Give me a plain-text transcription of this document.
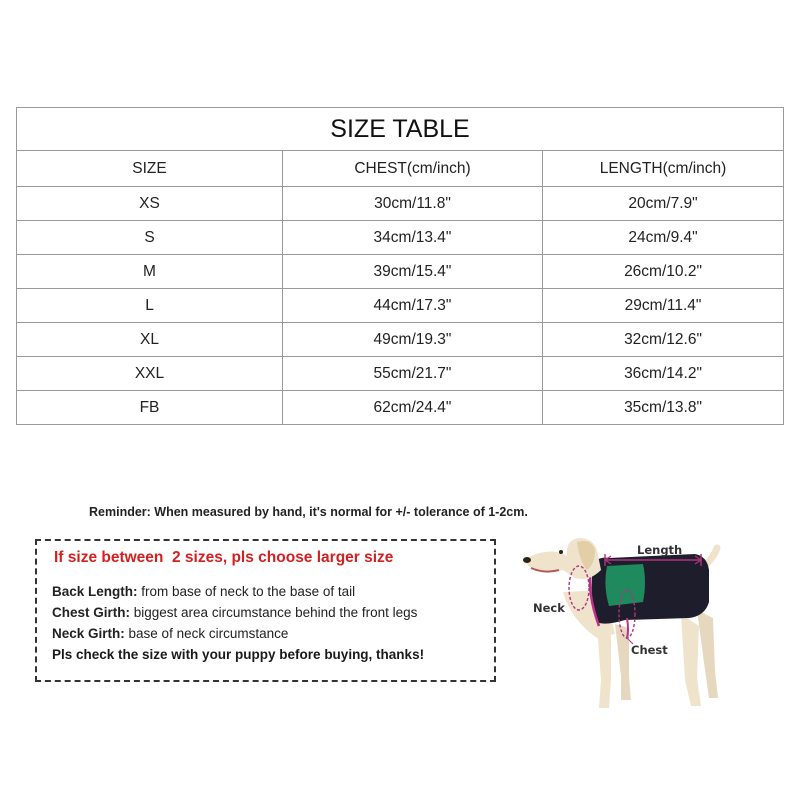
SIZE TABLE		
SIZE	CHEST(cm/inch)	LENGTH(cm/inch)
XS	30cm/11.8"	20cm/7.9"
S	34cm/13.4"	24cm/9.4"
M	39cm/15.4"	26cm/10.2"
L	44cm/17.3"	29cm/11.4"
XL	49cm/19.3"	32cm/12.6"
XXL	55cm/21.7"	36cm/14.2"
FB	62cm/24.4"	35cm/13.8"
Reminder: When measured by hand, it's normal for +/- tolerance of 1-2cm.
If size between  2 sizes, pls choose larger size
Back Length: from base of neck to the base of tail
Chest Girth: biggest area circumstance behind the front legs
Neck Girth: base of neck circumstance
Pls check the size with your puppy before buying, thanks!
Length
Neck
Chest
